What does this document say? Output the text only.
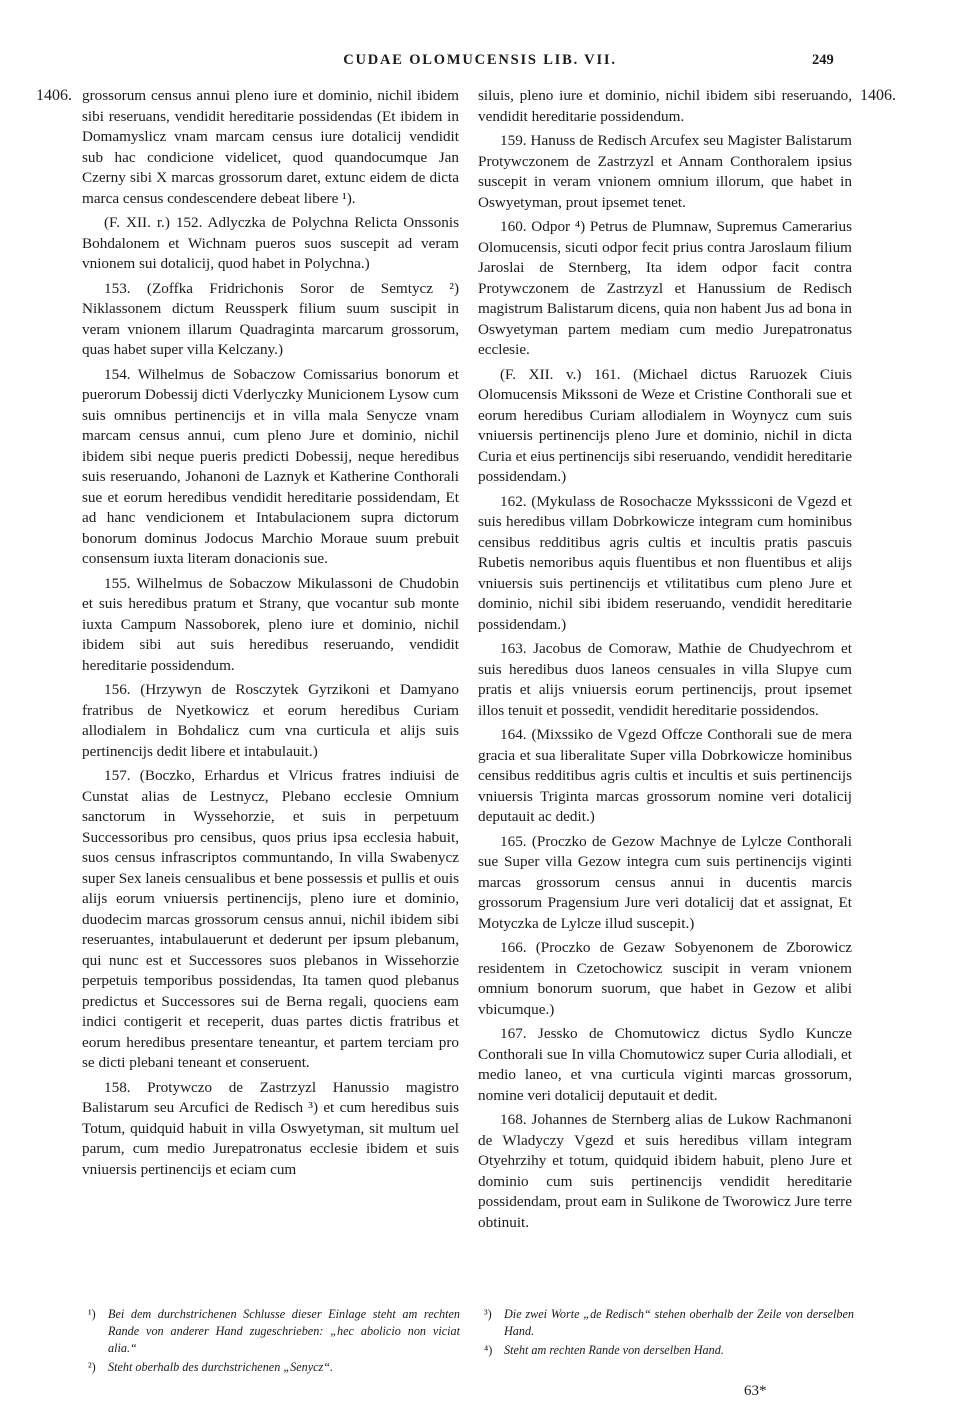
CUDAE OLOMUCENSIS LIB. VII.	249
1406.	1406.

grossorum census annui pleno iure et dominio, nichil ibidem sibi reseruans, vendidit hereditarie possidendas (Et ibidem in Domamyslicz vnam marcam census iure dotalicij vendidit sub hac condicione videlicet, quod quandocumque Jan Czerny sibi X marcas grossorum daret, extunc eidem de dicta marca census condescendere debeat libere ¹).

(F. XII. r.) 152. Adlyczka de Polychna Relicta Onssonis Bohdalonem et Wichnam pueros suos suscepit ad veram vnionem sui dotalicij, quod habet in Polychna.)

153. (Zoffka Fridrichonis Soror de Semtycz ²) Niklassonem dictum Reussperk filium suum suscipit in veram vnionem illarum Quadraginta marcarum grossorum, quas habet super villa Kelczany.)

154. Wilhelmus de Sobaczow Comissarius bonorum et puerorum Dobessij dicti Vderlyczky Municionem Lysow cum suis omnibus pertinencijs et in villa mala Senycze vnam marcam census annui, cum pleno Jure et dominio, nichil ibidem sibi neque pueris predicti Dobessij, neque heredibus suis reseruando, Johanoni de Laznyk et Katherine Conthorali sue et eorum heredibus vendidit hereditarie possidendam, Et ad hanc vendicionem et Intabulacionem supra dictorum bonorum dominus Jodocus Marchio Moraue suum prebuit consensum iuxta literam donacionis sue.

155. Wilhelmus de Sobaczow Mikulassoni de Chudobin et suis heredibus pratum et Strany, que vocantur sub monte iuxta Campum Nassoborek, pleno iure et dominio, nichil ibidem sibi aut suis heredibus reseruando, vendidit hereditarie possidendum.

156. (Hrzywyn de Rosczytek Gyrzikoni et Damyano fratribus de Nyetkowicz et eorum heredibus Curiam allodialem in Bohdalicz cum vna curticula et alijs suis pertinencijs dedit libere et intabulauit.)

157. (Boczko, Erhardus et Vlricus fratres indiuisi de Cunstat alias de Lestnycz, Plebano ecclesie Omnium sanctorum in Wyssehorzie, et suis in perpetuum Successoribus pro censibus, quos prius ipsa ecclesia habuit, suos census infrascriptos communtando, In villa Swabenycz super Sex laneis censualibus et bene possessis et pullis et ouis alijs eorum vniuersis pertinencijs, pleno iure et dominio, duodecim marcas grossorum census annui, nichil ibidem sibi reseruantes, intabulauerunt et dederunt per ipsum plebanum, qui nunc est et Successores suos plebanos in Wissehorzie perpetuis temporibus possidendas, Ita tamen quod plebanus predictus et Successores sui de Berna regali, quociens eam indici contigerit et receperit, duas partes dictis fratribus et eorum heredibus presentare teneantur, et partem terciam pro se dicti plebani teneant et conseruent.

158. Protywczo de Zastrzyzl Hanussio magistro Balistarum seu Arcufici de Redisch ³) et cum heredibus suis Totum, quidquid habuit in villa Oswyetyman, sit multum uel parum, cum medio Jurepatronatus ecclesie ibidem et suis vniuersis pertinencijs et eciam cum

siluis, pleno iure et dominio, nichil ibidem sibi reseruando, vendidit hereditarie possidendum.

159. Hanuss de Redisch Arcufex seu Magister Balistarum Protywczonem de Zastrzyzl et Annam Conthoralem ipsius suscepit in veram vnionem omnium illorum, que habet in Oswyetyman, prout ipsemet tenet.

160. Odpor ⁴) Petrus de Plumnaw, Supremus Camerarius Olomucensis, sicuti odpor fecit prius contra Jaroslaum filium Jaroslai de Sternberg, Ita idem odpor facit contra Protywczonem de Zastrzyzl et Hanussium de Redisch magistrum Balistarum dicens, quia non habent Jus ad bona in Oswyetyman partem mediam cum medio Jurepatronatus ecclesie.

(F. XII. v.) 161. (Michael dictus Raruozek Ciuis Olomucensis Mikssoni de Weze et Cristine Conthorali sue et eorum heredibus Curiam allodialem in Woynycz cum suis vniuersis pertinencijs pleno Jure et dominio, nichil in dicta Curia et eius pertinencijs sibi reseruando, vendidit hereditarie possidendam.)

162. (Mykulass de Rosochacze Myksssiconi de Vgezd et suis heredibus villam Dobrkowicze integram cum hominibus censibus redditibus agris cultis et incultis pratis pascuis Rubetis nemoribus aquis fluentibus et non fluentibus et alijs vniuersis suis pertinencijs et vtilitatibus cum pleno Jure et dominio, nichil sibi ibidem reseruando, vendidit hereditarie possidendam.)

163. Jacobus de Comoraw, Mathie de Chudyechrom et suis heredibus duos laneos censuales in villa Slupye cum pratis et alijs vniuersis eorum pertinencijs, prout ipsemet illos tenuit et possedit, vendidit hereditarie possidendos.

164. (Mixssiko de Vgezd Offcze Conthorali sue de mera gracia et sua liberalitate Super villa Dobrkowicze hominibus censibus redditibus agris cultis et incultis et suis pertinencijs vniuersis Triginta marcas grossorum nomine veri dotalicij deputauit ac dedit.)

165. (Proczko de Gezow Machnye de Lylcze Conthorali sue Super villa Gezow integra cum suis pertinencijs viginti marcas grossorum census annui in ducentis marcis grossorum Pragensium Jure veri dotalicij dat et assignat, Et Motyczka de Lylcze illud suscepit.)

166. (Proczko de Gezaw Sobyenonem de Zborowicz residentem in Czetochowicz suscipit in veram vnionem omnium bonorum suorum, que habet in Gezow et alibi vbicumque.)

167. Jessko de Chomutowicz dictus Sydlo Kuncze Conthorali sue In villa Chomutowicz super Curia allodiali, et medio laneo, et vna curticula viginti marcas grossorum, nomine veri dotalicij deputauit et dedit.

168. Johannes de Sternberg alias de Lukow Rachmanoni de Wladyczy Vgezd et suis heredibus villam integram Otyehrzihy et totum, quidquid ibidem habuit, pleno Jure et dominio cum suis pertinencijs vendidit hereditarie possidendam, prout eam in Sulikone de Tworowicz Jure terre obtinuit.

¹) Bei dem durchstrichenen Schlusse dieser Einlage steht am rechten Rande von anderer Hand zugeschrieben: „hec abolicio non viciat alia.“
²) Steht oberhalb des durchstrichenen „Senycz“.
³) Die zwei Worte „de Redisch“ stehen oberhalb der Zeile von derselben Hand.
⁴) Steht am rechten Rande von derselben Hand.
63*
